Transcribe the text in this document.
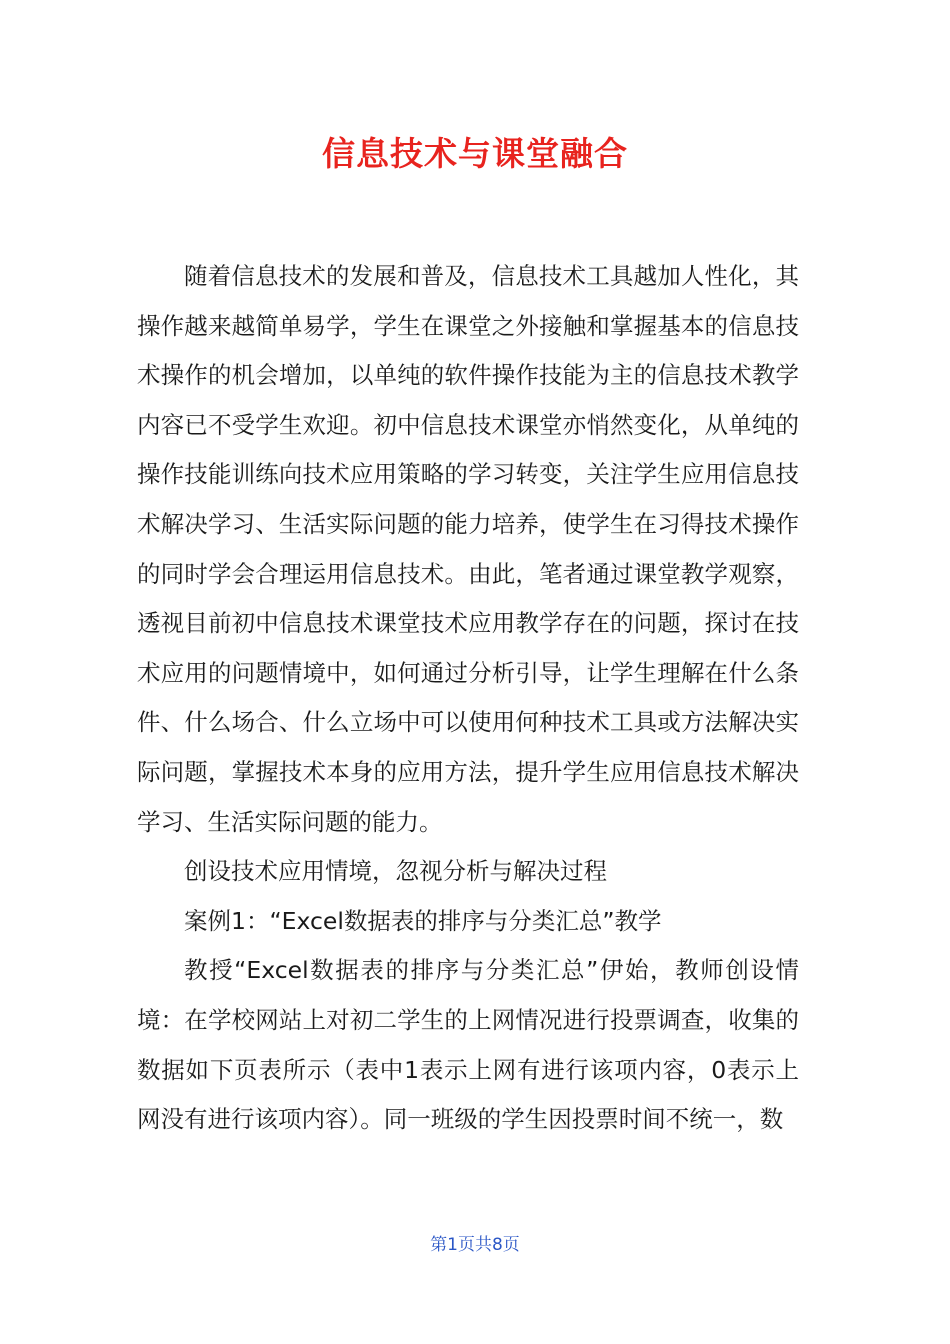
信息技术与课堂融合

随着信息技术的发展和普及，信息技术工具越加人性化，其操作越来越简单易学，学生在课堂之外接触和掌握基本的信息技术操作的机会增加，以单纯的软件操作技能为主的信息技术教学内容已不受学生欢迎。初中信息技术课堂亦悄然变化，从单纯的操作技能训练向技术应用策略的学习转变，关注学生应用信息技术解决学习、生活实际问题的能力培养，使学生在习得技术操作的同时学会合理运用信息技术。由此，笔者通过课堂教学观察，透视目前初中信息技术课堂技术应用教学存在的问题，探讨在技术应用的问题情境中，如何通过分析引导，让学生理解在什么条件、什么场合、什么立场中可以使用何种技术工具或方法解决实际问题，掌握技术本身的应用方法，提升学生应用信息技术解决学习、生活实际问题的能力。

创设技术应用情境，忽视分析与解决过程

案例1：“Excel数据表的排序与分类汇总”教学

教授“Excel数据表的排序与分类汇总”伊始，教师创设情境：在学校网站上对初二学生的上网情况进行投票调查，收集的数据如下页表所示（表中1表示上网有进行该项内容，0表示上网没有进行该项内容）。同一班级的学生因投票时间不统一，数

第1页共8页
